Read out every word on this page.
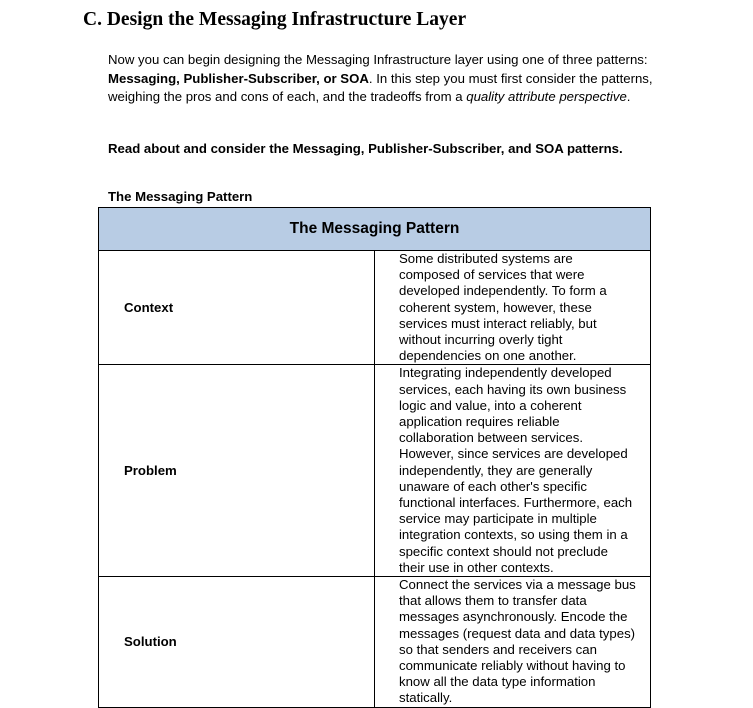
C. Design the Messaging Infrastructure Layer
Now you can begin designing the Messaging Infrastructure layer using one of three patterns: Messaging, Publisher-Subscriber, or SOA. In this step you must first consider the patterns, weighing the pros and cons of each, and the tradeoffs from a quality attribute perspective.
Read about and consider the Messaging, Publisher-Subscriber, and SOA patterns.
The Messaging Pattern
The Messaging Pattern	
Context	Some distributed systems are composed of services that were developed independently. To form a coherent system, however, these services must interact reliably, but without incurring overly tight dependencies on one another.
Problem	Integrating independently developed services, each having its own business logic and value, into a coherent application requires reliable collaboration between services. However, since services are developed independently, they are generally unaware of each other's specific functional interfaces. Furthermore, each service may participate in multiple integration contexts, so using them in a specific context should not preclude their use in other contexts.
Solution	Connect the services via a message bus that allows them to transfer data messages asynchronously. Encode the messages (request data and data types) so that senders and receivers can communicate reliably without having to know all the data type information statically.
